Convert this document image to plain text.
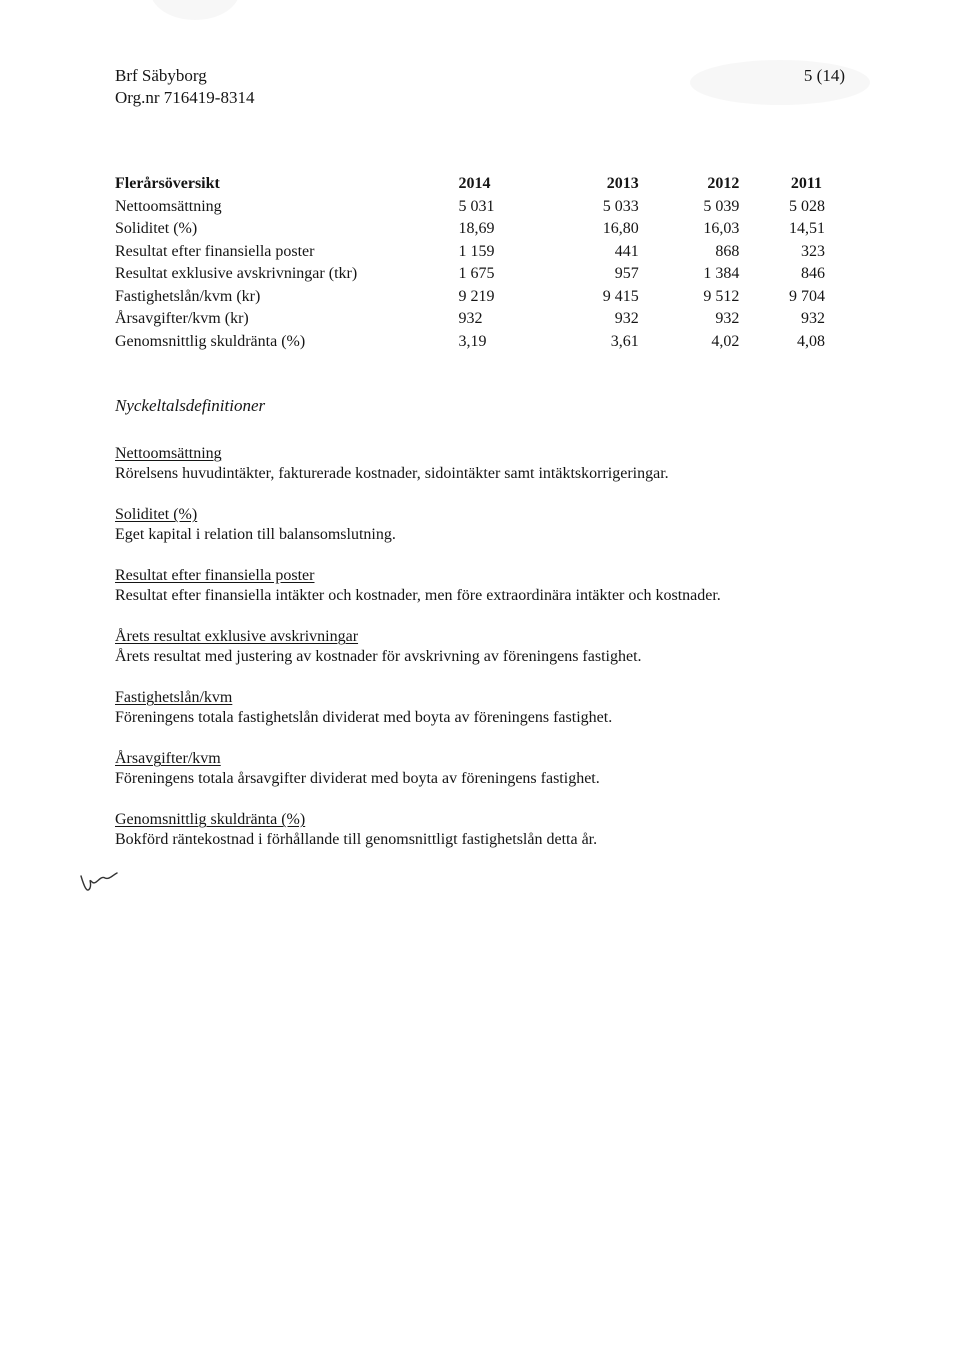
Brf Säbyborg	5 (14)
Org.nr 716419-8314
Flerårsöversikt	2014	2013	2012	2011
Nettoomsättning	5 031	5 033	5 039	5 028
Soliditet (%)	18,69	16,80	16,03	14,51
Resultat efter finansiella poster	1 159	441	868	323
Resultat exklusive avskrivningar (tkr)	1 675	957	1 384	846
Fastighetslån/kvm (kr)	9 219	9 415	9 512	9 704
Årsavgifter/kvm (kr)	932	932	932	932
Genomsnittlig skuldränta (%)	3,19	3,61	4,02	4,08
Nyckeltalsdefinitioner
Nettoomsättning
Rörelsens huvudintäkter, fakturerade kostnader, sidointäkter samt intäktskorrigeringar.
Soliditet (%)
Eget kapital i relation till balansomslutning.
Resultat efter finansiella poster
Resultat efter finansiella intäkter och kostnader, men före extraordinära intäkter och kostnader.
Årets resultat exklusive avskrivningar
Årets resultat med justering av kostnader för avskrivning av föreningens fastighet.
Fastighetslån/kvm
Föreningens totala fastighetslån dividerat med boyta av föreningens fastighet.
Årsavgifter/kvm
Föreningens totala årsavgifter dividerat med boyta av föreningens fastighet.
Genomsnittlig skuldränta (%)
Bokförd räntekostnad i förhållande till genomsnittligt fastighetslån detta år.
